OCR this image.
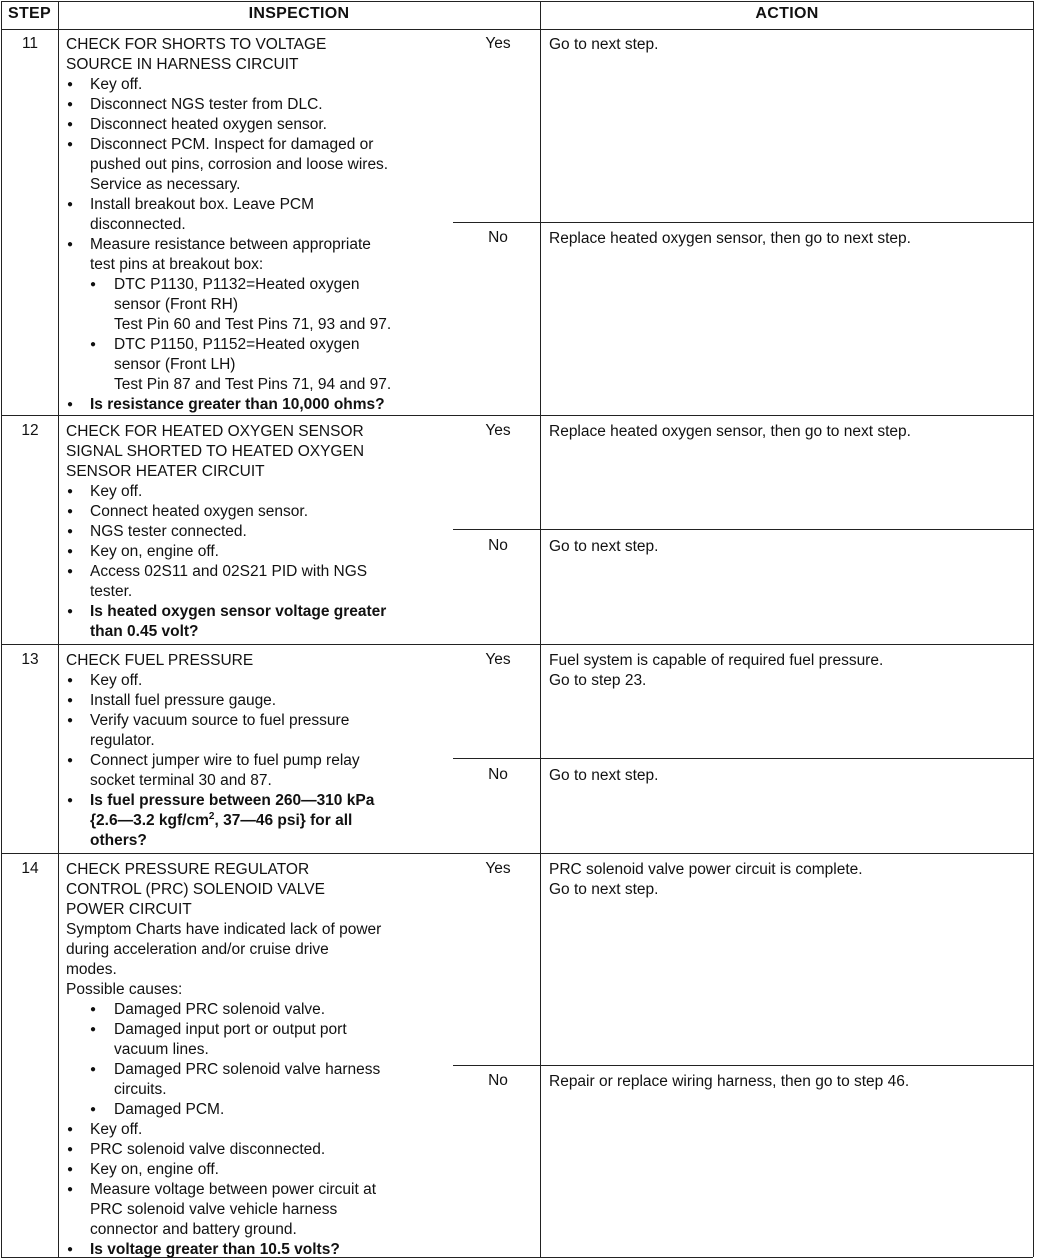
STEP	INSPECTION	ACTION
11	CHECK FOR SHORTS TO VOLTAGE
SOURCE IN HARNESS CIRCUIT
● Key off.
● Disconnect NGS tester from DLC.
● Disconnect heated oxygen sensor.
● Disconnect PCM. Inspect for damaged or
pushed out pins, corrosion and loose wires.
Service as necessary.
● Install breakout box. Leave PCM
disconnected.
● Measure resistance between appropriate
test pins at breakout box:
● DTC P1130, P1132=Heated oxygen
sensor (Front RH)
Test Pin 60 and Test Pins 71, 93 and 97.
● DTC P1150, P1152=Heated oxygen
sensor (Front LH)
Test Pin 87 and Test Pins 71, 94 and 97.
● Is resistance greater than 10,000 ohms?
Yes	Go to next step.
No	Replace heated oxygen sensor, then go to next step.
12	CHECK FOR HEATED OXYGEN SENSOR
SIGNAL SHORTED TO HEATED OXYGEN
SENSOR HEATER CIRCUIT
● Key off.
● Connect heated oxygen sensor.
● NGS tester connected.
● Key on, engine off.
● Access 02S11 and 02S21 PID with NGS
tester.
● Is heated oxygen sensor voltage greater
than 0.45 volt?
Yes	Replace heated oxygen sensor, then go to next step.
No	Go to next step.
13	CHECK FUEL PRESSURE
● Key off.
● Install fuel pressure gauge.
● Verify vacuum source to fuel pressure
regulator.
● Connect jumper wire to fuel pump relay
socket terminal 30 and 87.
● Is fuel pressure between 260—310 kPa
{2.6—3.2 kgf/$cm^2$, 37—46 psi} for all
others?
Yes	Fuel system is capable of required fuel pressure.
Go to step 23.
No	Go to next step.
14	CHECK PRESSURE REGULATOR
CONTROL (PRC) SOLENOID VALVE
POWER CIRCUIT
Symptom Charts have indicated lack of power
during acceleration and/or cruise drive
modes.
Possible causes:
● Damaged PRC solenoid valve.
● Damaged input port or output port
vacuum lines.
● Damaged PRC solenoid valve harness
circuits.
● Damaged PCM.
● Key off.
● PRC solenoid valve disconnected.
● Key on, engine off.
● Measure voltage between power circuit at
PRC solenoid valve vehicle harness
connector and battery ground.
● Is voltage greater than 10.5 volts?
Yes	PRC solenoid valve power circuit is complete.
Go to next step.
No	Repair or replace wiring harness, then go to step 46.
